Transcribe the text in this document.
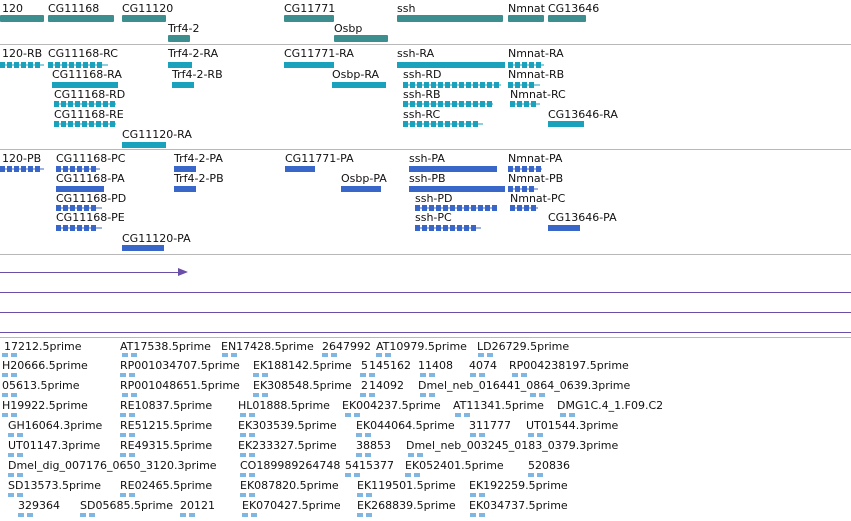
120 CG11168 CG11120
Trf4-2
CG11771
Osbp
ssh	Nmnat CG13646
120-RB CG11168-RC
CG11168-RA
CG11168-RD
CG11168-RE
CG11120-RA
Trf4-2-RA
Trf4-2-RB
CG11771-RA
Osbp-RA
ssh-RA
ssh-RD
ssh-RB
ssh-RC
Nmnat-RA
Nmnat-RB
Nmnat-RC
CG13646-RA
120-PB CG11168-PC
CG11168-PA
CG11168-PD
CG11168-PE
CG11120-PA
Trf4-2-PA
Trf4-2-PB
CG11771-PA
Osbp-PA
ssh-PA
ssh-PB
ssh-PD
ssh-PC
Nmnat-PA
Nmnat-PB
Nmnat-PC
CG13646-PA
17212.5prime	AT17538.5prime EN17428.5prime 2647992 AT10979.5prime LD26729.5prime
H20666.5prime	RP001034707.5prime EK188142.5prime 5 145162 11408 4074 RP004238197.5prime
05613.5prime	RP001048651.5prime EK308548.5prime 2 14092 Dmel_neb_016441_0864_0639.3prime
H19922.5prime	RE10837.5prime HL01888.5prime EK004237.5prime AT11341.5prime DMG1C.4_1.F09.C2
GH16064.3prime RE51215.5prime EK303539.5prime EK044064.5prime 311777 UT01544.3prime
UT01147.3prime RE49315.5prime EK233327.5prime 38853 Dmel_neb_003245_0183_0379.3prime
Dmel_dig_007176_0650_3120.3prime CO189989264748 5415377 EK052401.5prime 520836
SD13573.5prime RE02465.5prime	EK087820.5prime EK119501.5prime EK192259.5prime
329364 SD05685.5prime 20121 EK070427.5prime EK268839.5prime EK034737.5prime
